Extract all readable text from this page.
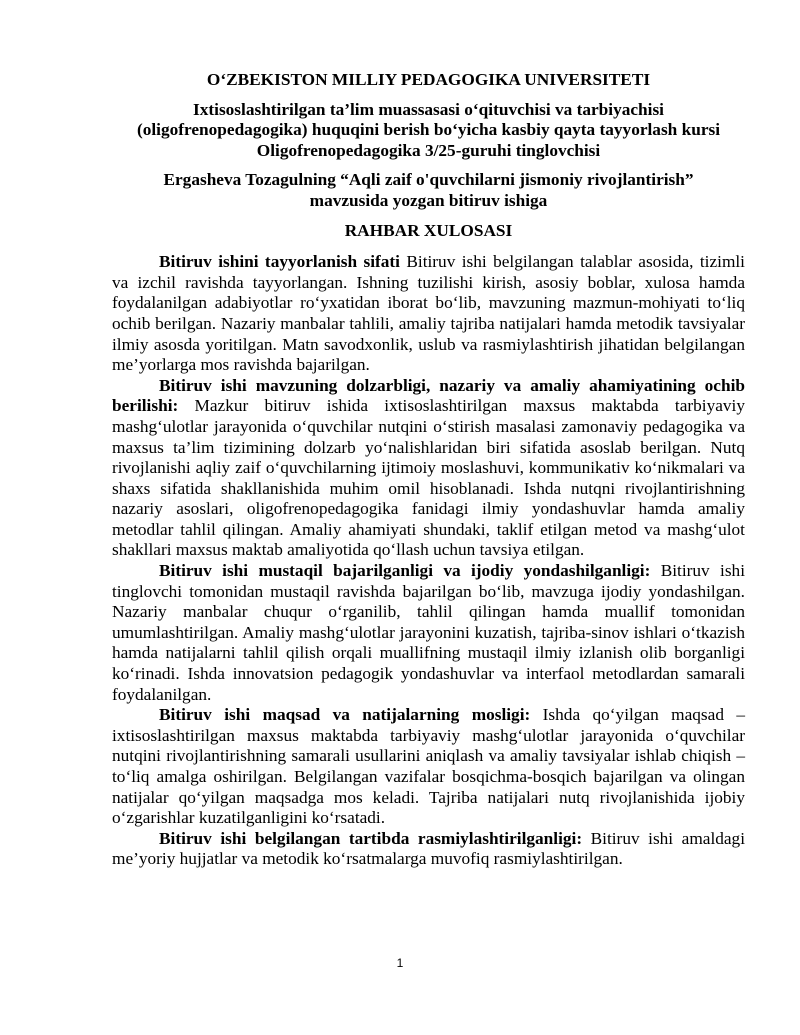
O‘ZBEKISTON MILLIY PEDAGOGIKA UNIVERSITETI
Ixtisoslashtirilgan ta’lim muassasasi o‘qituvchisi va tarbiyachisi
(oligofrenopedagogika) huquqini berish bo‘yicha kasbiy qayta tayyorlash kursi
Oligofrenopedagogika 3/25-guruhi tinglovchisi
Ergasheva Tozagulning “Aqli zaif o'quvchilarni jismoniy rivojlantirish”
mavzusida yozgan bitiruv ishiga
RAHBAR XULOSASI

Bitiruv ishini tayyorlanish sifati Bitiruv ishi belgilangan talablar asosida, tizimli va izchil ravishda tayyorlangan. Ishning tuzilishi kirish, asosiy boblar, xulosa hamda foydalanilgan adabiyotlar ro‘yxatidan iborat bo‘lib, mavzuning mazmun-mohiyati to‘liq ochib berilgan. Nazariy manbalar tahlili, amaliy tajriba natijalari hamda metodik tavsiyalar ilmiy asosda yoritilgan. Matn savodxonlik, uslub va rasmiylashtirish jihatidan belgilangan me’yorlarga mos ravishda bajarilgan.

Bitiruv ishi mavzuning dolzarbligi, nazariy va amaliy ahamiyatining ochib berilishi: Mazkur bitiruv ishida ixtisoslashtirilgan maxsus maktabda tarbiyaviy mashg‘ulotlar jarayonida o‘quvchilar nutqini o‘stirish masalasi zamonaviy pedagogika va maxsus ta’lim tizimining dolzarb yo‘nalishlaridan biri sifatida asoslab berilgan. Nutq rivojlanishi aqliy zaif o‘quvchilarning ijtimoiy moslashuvi, kommunikativ ko‘nikmalari va shaxs sifatida shakllanishida muhim omil hisoblanadi. Ishda nutqni rivojlantirishning nazariy asoslari, oligofrenopedagogika fanidagi ilmiy yondashuvlar hamda amaliy metodlar tahlil qilingan. Amaliy ahamiyati shundaki, taklif etilgan metod va mashg‘ulot shakllari maxsus maktab amaliyotida qo‘llash uchun tavsiya etilgan.

Bitiruv ishi mustaqil bajarilganligi va ijodiy yondashilganligi: Bitiruv ishi tinglovchi tomonidan mustaqil ravishda bajarilgan bo‘lib, mavzuga ijodiy yondashilgan. Nazariy manbalar chuqur o‘rganilib, tahlil qilingan hamda muallif tomonidan umumlashtirilgan. Amaliy mashg‘ulotlar jarayonini kuzatish, tajriba-sinov ishlari o‘tkazish hamda natijalarni tahlil qilish orqali muallifning mustaqil ilmiy izlanish olib borganligi ko‘rinadi. Ishda innovatsion pedagogik yondashuvlar va interfaol metodlardan samarali foydalanilgan.

Bitiruv ishi maqsad va natijalarning mosligi: Ishda qo‘yilgan maqsad – ixtisoslashtirilgan maxsus maktabda tarbiyaviy mashg‘ulotlar jarayonida o‘quvchilar nutqini rivojlantirishning samarali usullarini aniqlash va amaliy tavsiyalar ishlab chiqish – to‘liq amalga oshirilgan. Belgilangan vazifalar bosqichma-bosqich bajarilgan va olingan natijalar qo‘yilgan maqsadga mos keladi. Tajriba natijalari nutq rivojlanishida ijobiy o‘zgarishlar kuzatilganligini ko‘rsatadi.

Bitiruv ishi belgilangan tartibda rasmiylashtirilganligi: Bitiruv ishi amaldagi me’yoriy hujjatlar va metodik ko‘rsatmalarga muvofiq rasmiylashtirilgan.

1
